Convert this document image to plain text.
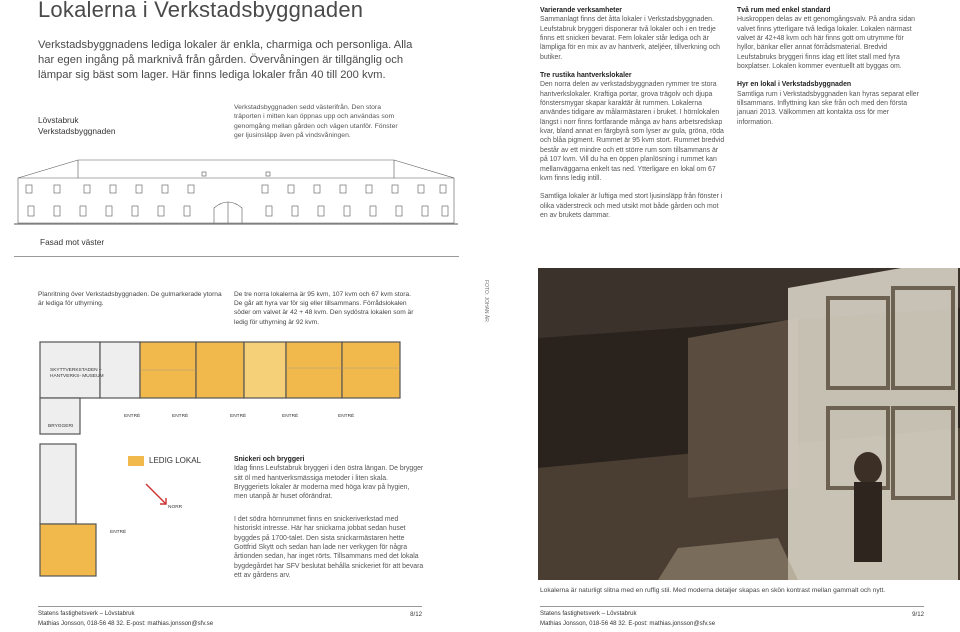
Lokalerna i Verkstadsbyggnaden
Verkstadsbyggnadens lediga lokaler är enkla, charmiga och personliga. Alla har egen ingång på marknivå från gården. Övervåningen är tillgänglig och lämpar sig bäst som lager. Här finns lediga lokaler från 40 till 200 kvm.
Lövstabruk
Verkstadsbyggnaden
Verkstadsbyggnaden sedd västerifrån. Den stora träporten i mitten kan öppnas upp och användas som genomgång mellan gården och vägen utanför. Fönster ger ljusinsläpp även på vindsvåningen.
Fasad mot väster
Planritning över Verkstadsbyggnaden. De gulmarkerade ytorna är lediga för uthyrning.
De tre norra lokalerna är 95 kvm, 107 kvm och 67 kvm stora. De går att hyra var för sig eller tillsammans. Förrådslokalen söder om valvet är 42 + 48 kvm. Den sydöstra lokalen som är ledig för uthyrning är 92 kvm.
SKYTTVERKSTADEN – HANTVERKS- MUSEUM
BRYGGERI
ENTRÉ	ENTRÉ	ENTRÉ	ENTRÉ	ENTRÉ
ENTRÉ
NORR
LEDIG LOKAL	Snickeri och bryggeri
Idag finns Leufstabruk bryggeri i den östra längan. De brygger sitt öl med hantverksmässiga metoder i liten skala. Bryggeriets lokaler är moderna med höga krav på hygien, men utanpå är huset oförändrat.
I det södra hörnrummet finns en snickeriverkstad med historiskt intresse. Här har snickarna jobbat sedan huset byggdes på 1700-talet. Den sista snickarmästaren hette Gottfrid Skytt och sedan han lade ner verkygen för några årtionden sedan, har inget rörts. Tillsammans med det lokala bygdegårdet har SFV beslutat behålla snickeriet för att bevara ett av gårdens arv.
Varierande verksamheter
Sammanlagt finns det åtta lokaler i Verkstadsbyggnaden. Leufstabruk bryggeri disponerar två lokaler och i en tredje finns ett snickeri bevarat. Fem lokaler står lediga och är lämpliga för en mix av av hantverk, ateljéer, tillverkning och butiker.
Tre rustika hantverkslokaler
Den norra delen av verkstadsbyggnaden rymmer tre stora hantverkslokaler. Kraftiga portar, grova trägolv och djupa fönstersmygar skapar karaktär åt rummen. Lokalerna användes tidigare av målarmästaren i bruket. I hörnlokalen längst i norr finns fortfarande många av hans arbetsredskap kvar, bland annat en färgbyrå som lyser av gula, gröna, röda och blåa pigment. Rummet är 95 kvm stort. Rummet bredvid består av ett mindre och ett större rum som tillsammans är på 107 kvm. Vill du ha en öppen planlösning i rummet kan mellanväggarna enkelt tas ned. Ytterligare en lokal om 67 kvm finns ledig intill.
Samtliga lokaler är luftiga med stort ljusinsläpp från fönster i olika väderstreck och med utsikt mot både gården och mot en av brukets dammar.
Två rum med enkel standard
Huskroppen delas av ett genomgångsvalv. På andra sidan valvet finns ytterligare två lediga lokaler. Lokalen närmast valvet är 42+48 kvm och här finns gott om utrymme för hyllor, bänkar eller annat förrådsmaterial. Bredvid Leufstabruks bryggeri finns idag ett litet stall med fyra boxplatser. Lokalen kommer eventuellt att byggas om.
Hyr en lokal i Verkstadsbyggnaden
Samtliga rum i Verkstadsbyggnaden kan hyras separat eller tillsammans. Inflyttning kan ske från och med den första januari 2013. Välkommen att kontakta oss för mer information.
FOTO: JOHAN ÅR
Lokalerna är naturligt slitna med en ruffig stil. Med moderna detaljer skapas en skön kontrast mellan gammalt och nytt.
Statens fastighetsverk – Lövstabruk
Mathias Jonsson, 018-56 48 32. E-post: mathias.jonsson@sfv.se
8/12	Statens fastighetsverk – Lövstabruk
Mathias Jonsson, 018-56 48 32. E-post: mathias.jonsson@sfv.se
9/12
